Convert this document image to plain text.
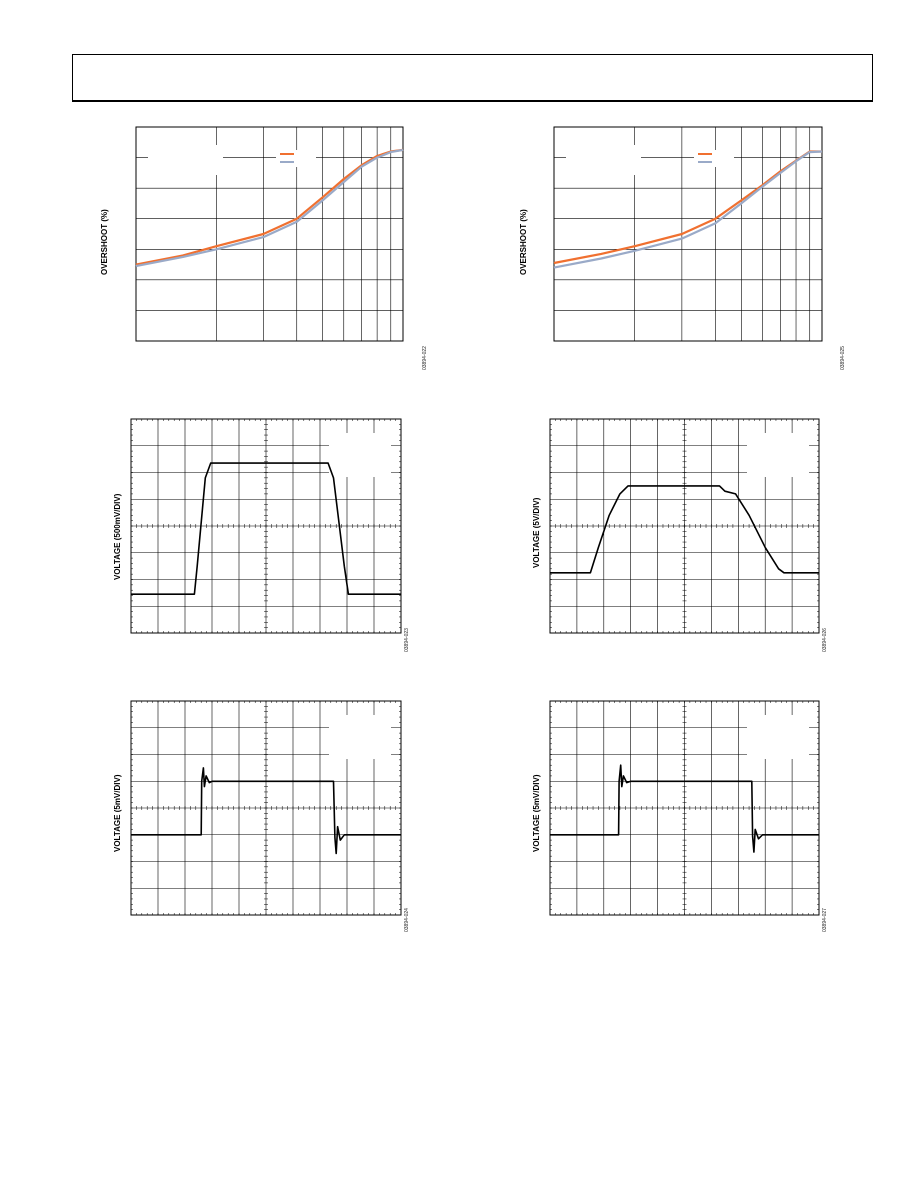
OVERSHOOT (%)
03894-022
OVERSHOOT (%)
03894-025
VOLTAGE (500mV/DIV)
03894-023
VOLTAGE (5V/DIV)
03894-026
VOLTAGE (5mV/DIV)
03894-024
VOLTAGE (5mV/DIV)
03894-027
